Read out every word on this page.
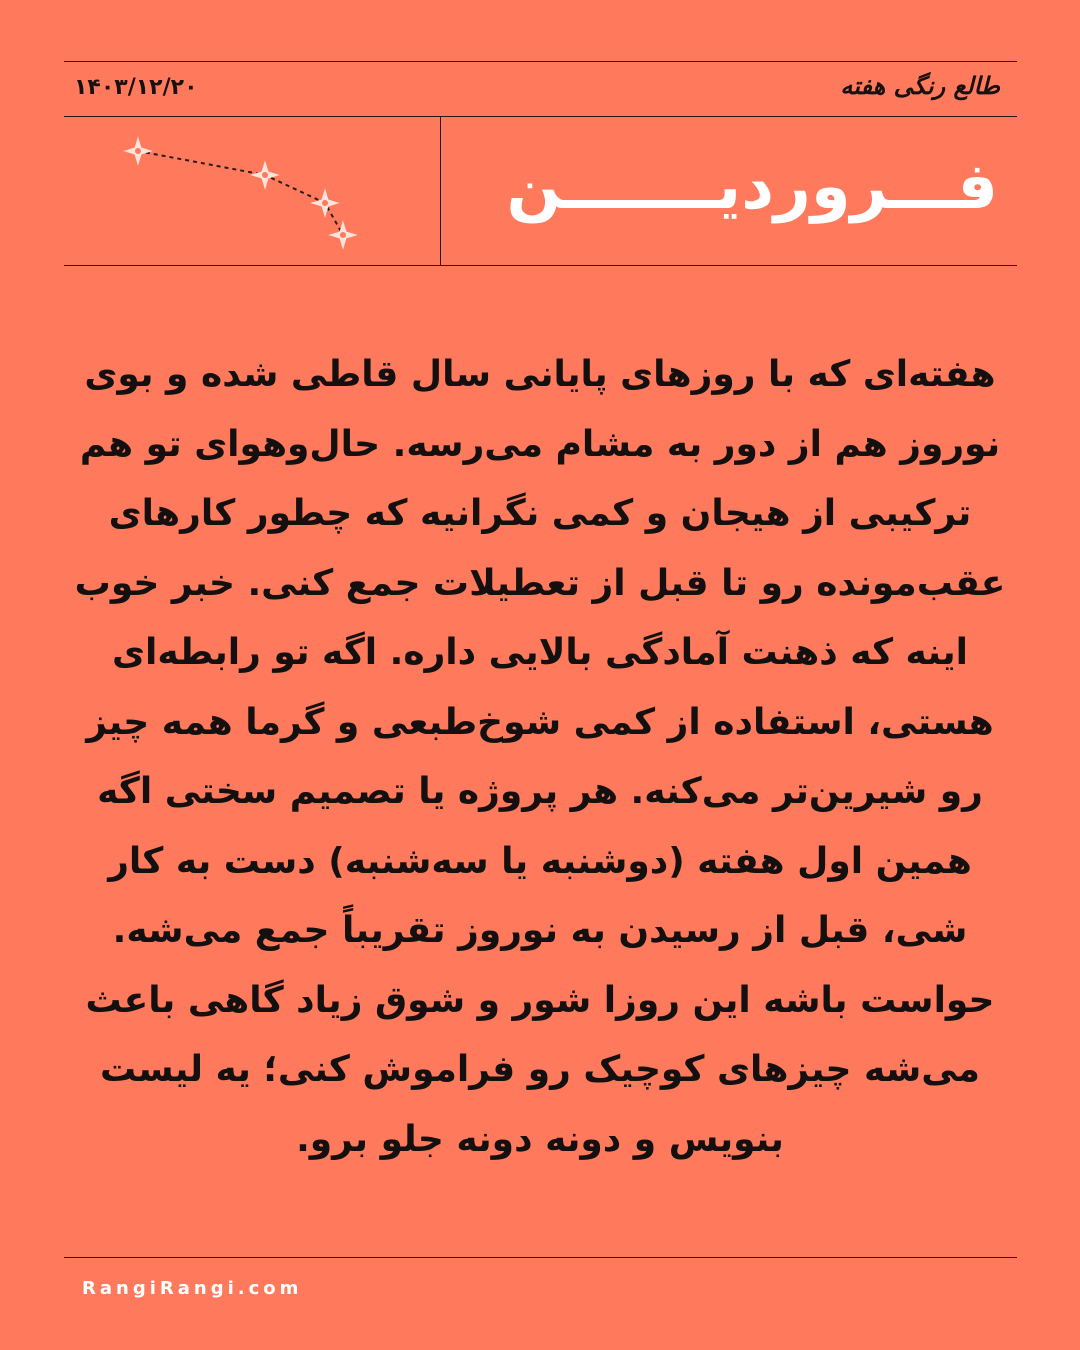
طالع رنگی هفته
۱۴۰۳/۱۲/۲۰
فـــرورديـــــــن
هفته‌ای که با روزهای پایانی سال قاطی شده و بوی نوروز هم از دور به مشام می‌رسه. حال‌وهوای تو هم ترکیبی از هیجان و کمی نگرانیه که چطور کارهای عقب‌مونده رو تا قبل از تعطیلات جمع کنی. خبر خوب اینه که ذهنت آمادگی بالایی داره. اگه تو رابطه‌ای هستی، استفاده از کمی شوخ‌طبعی و گرما همه چیز رو شیرین‌تر می‌کنه. هر پروژه یا تصمیم سختی اگه همین اول هفته (دوشنبه یا سه‌شنبه) دست به کار شی، قبل از رسیدن به نوروز تقریباً جمع می‌شه. حواست باشه این روزا شور و شوق زیاد گاهی باعث می‌شه چیزهای کوچیک رو فراموش کنی؛ یه لیست بنویس و دونه دونه جلو برو.
RangiRangi.com
